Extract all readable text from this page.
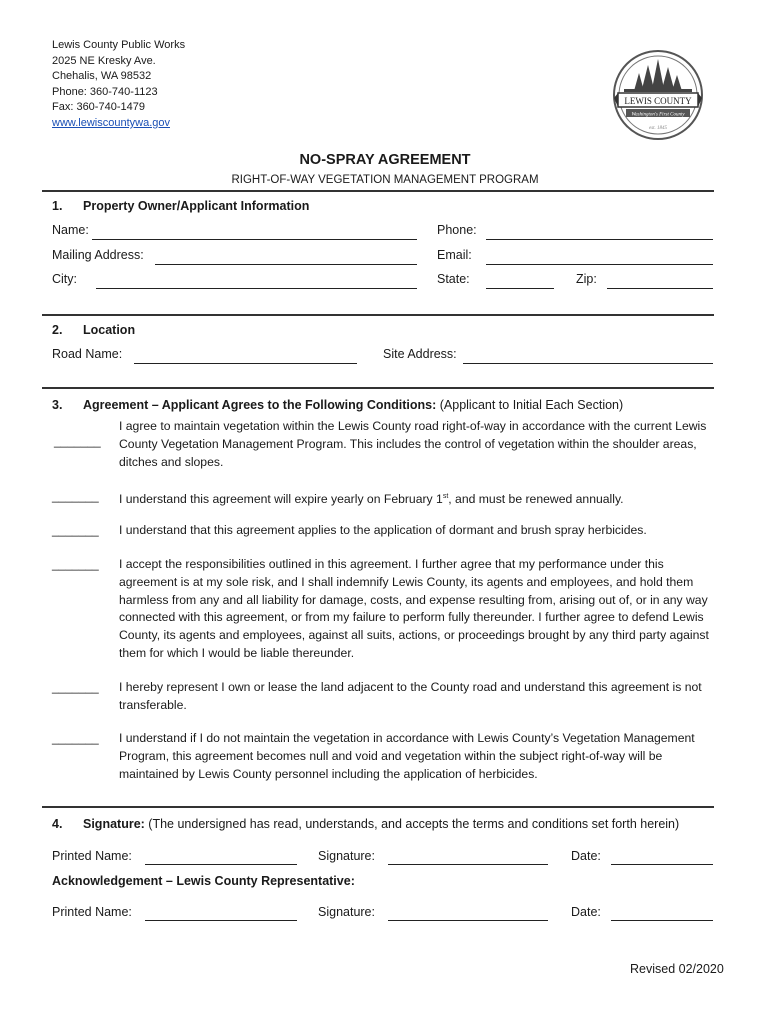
Lewis County Public Works
2025 NE Kresky Ave.
Chehalis, WA 98532
Phone: 360-740-1123
Fax: 360-740-1479
www.lewiscountywa.gov
LEWIS COUNTY
Washington's First County
est. 1845
NO-SPRAY AGREEMENT
RIGHT-OF-WAY VEGETATION MANAGEMENT PROGRAM
1. Property Owner/Applicant Information
Name:	Phone:
Mailing Address:	Email:
City:	State:	Zip:
2. Location
Road Name:	Site Address:
3. Agreement – Applicant Agrees to the Following Conditions: (Applicant to Initial Each Section)
_______
I agree to maintain vegetation within the Lewis County road right-of-way in accordance with the current Lewis County Vegetation Management Program. This includes the control of vegetation within the shoulder areas, ditches and slopes.
_______ I understand this agreement will expire yearly on February 1st, and must be renewed annually.
_______ I understand that this agreement applies to the application of dormant and brush spray herbicides.
_______ I accept the responsibilities outlined in this agreement. I further agree that my performance under this agreement is at my sole risk, and I shall indemnify Lewis County, its agents and employees, and hold them harmless from any and all liability for damage, costs, and expense resulting from, arising out of, or in any way connected with this agreement, or from my failure to perform fully thereunder. I further agree to defend Lewis County, its agents and employees, against all suits, actions, or proceedings brought by any third party against them for which I would be liable thereunder.
_______ I hereby represent I own or lease the land adjacent to the County road and understand this agreement is not transferable.
_______ I understand if I do not maintain the vegetation in accordance with Lewis County’s Vegetation Management Program, this agreement becomes null and void and vegetation within the subject right-of-way will be maintained by Lewis County personnel including the application of herbicides.
4. Signature: (The undersigned has read, understands, and accepts the terms and conditions set forth herein)
Printed Name:	Signature:	Date:
Acknowledgement – Lewis County Representative:
Printed Name:	Signature:	Date:
Revised 02/2020
